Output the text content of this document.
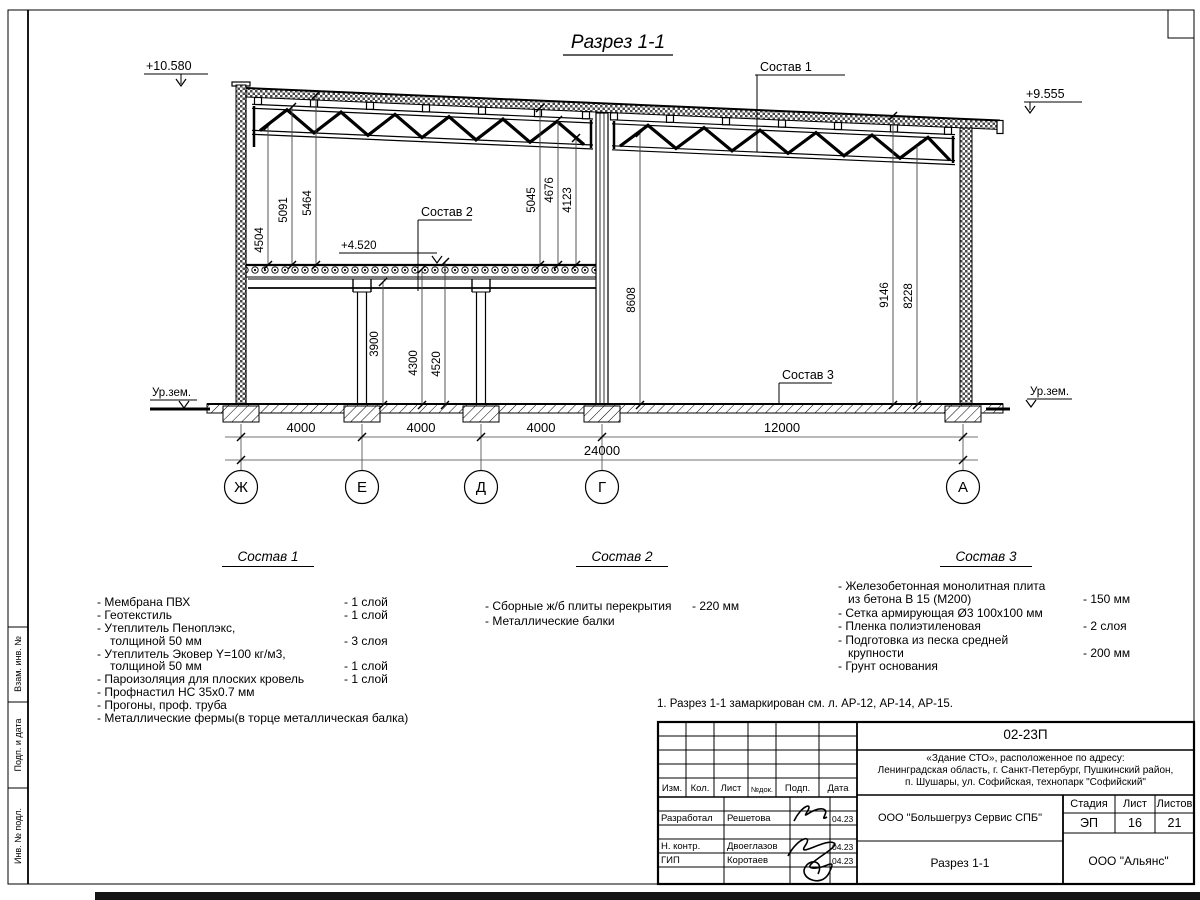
Разрез 1-1
+10.580
+9.555
+4.520
Ур.зем.	Ур.зем.
Состав 1
Состав 2
Состав 3
4504
5091 5464	5045 4676 4123
3900
4300 4520
8608	9146 8228
4000	4000	4000	12000
24000
Ж	Е	Д	Г	А
Состав 1
- Мембрана ПВХ	- 1 слой
- Геотекстиль	- 1 слой
- Утеплитель Пеноплэкс,
толщиной 50 мм	- 3 слоя
- Утеплитель Эковер Y=100 кг/м3,
толщиной 50 мм	- 1 слой
- Пароизоляция для плоских кровель	- 1 слой
- Профнастил НС 35x0.7 мм
- Прогоны, проф. труба
- Металлические фермы(в торце металлическая балка)
Состав 2
- Сборные ж/б плиты перекрытия - 220 мм
- Металлические балки
Состав 3
- Железобетонная монолитная плита
из бетона В 15 (М200)	- 150 мм
- Сетка армирующая Ø3 100x100 мм
- Пленка полиэтиленовая	- 2 слоя
- Подготовка из песка средней
крупности	- 200 мм
- Грунт основания
1. Разрез 1-1 замаркирован см. л. АР-12, АР-14, АР-15.
02-23П
«Здание СТО», расположенное по адресу:
Ленинградская область, г. Санкт-Петербург, Пушкинский район,
п. Шушары, ул. Софийская, технопарк "Софийский"
Изм. Кол.	Лист	№док.	Подп.	Дата
Разработал Решетова	04.23
Н. контр.	Двоеглазов	04.23
ГИП	Коротаев	04.23
ООО "Большегруз Сервис СПБ"
Стадия	Лист Листов
ЭП	16	21
Разрез 1-1	ООО "Альянс"
Взам. инв. №
Подп. и дата
Инв. № подл.
